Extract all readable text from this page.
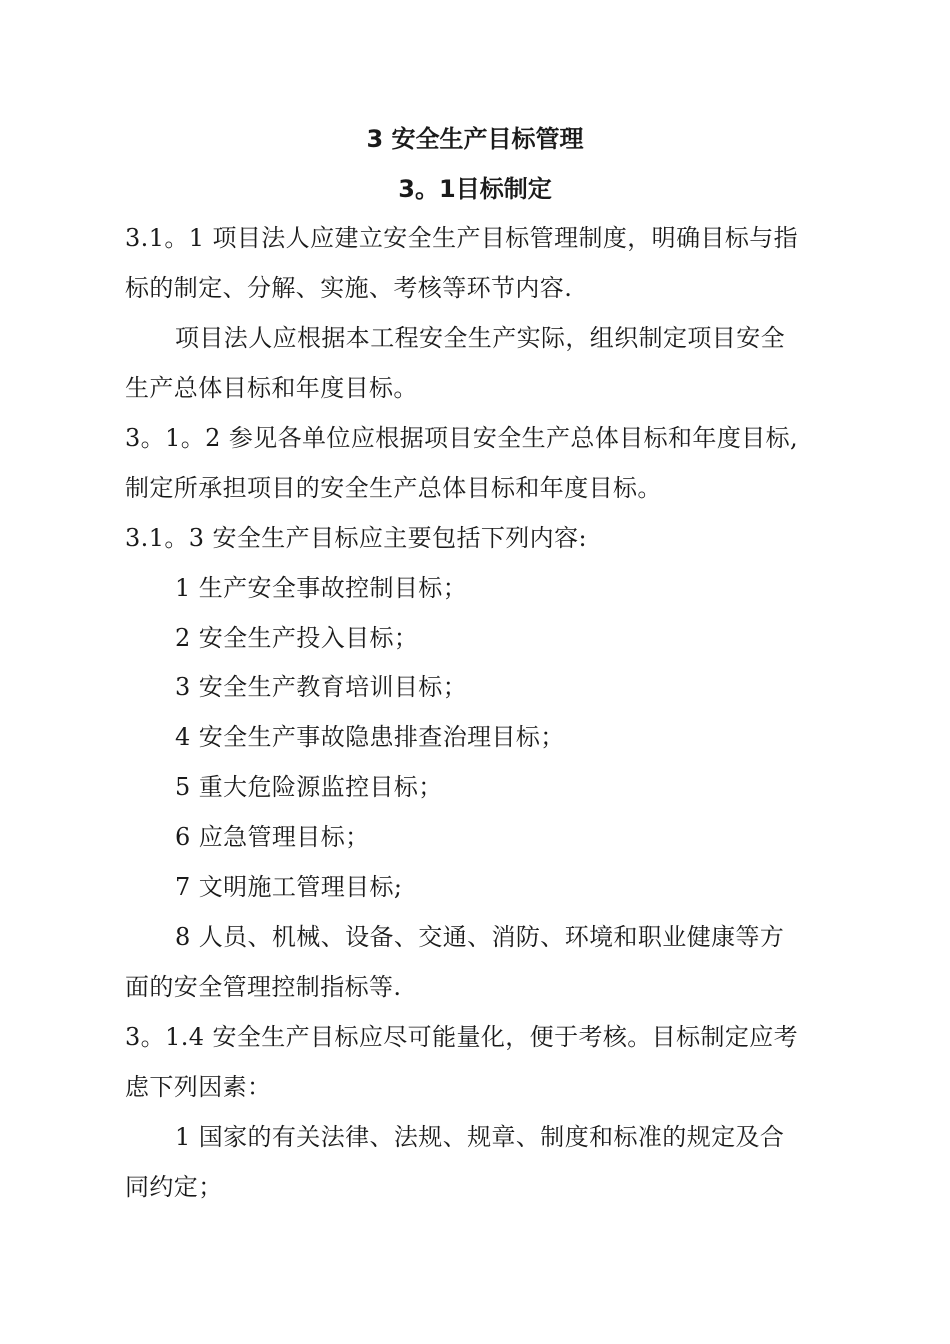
3 安全生产目标管理
3。1目标制定
3.1。1 项目法人应建立安全生产目标管理制度，明确目标与指
标的制定、分解、实施、考核等环节内容.
项目法人应根据本工程安全生产实际，组织制定项目安全
生产总体目标和年度目标。
3。1。2 参见各单位应根据项目安全生产总体目标和年度目标,
制定所承担项目的安全生产总体目标和年度目标。
3.1。3 安全生产目标应主要包括下列内容:
1 生产安全事故控制目标；
2 安全生产投入目标；
3 安全生产教育培训目标；
4 安全生产事故隐患排查治理目标；
5 重大危险源监控目标；
6 应急管理目标；
7 文明施工管理目标;
8 人员、机械、设备、交通、消防、环境和职业健康等方
面的安全管理控制指标等.
3。1.4 安全生产目标应尽可能量化，便于考核。目标制定应考
虑下列因素：
1 国家的有关法律、法规、规章、制度和标准的规定及合
同约定；
